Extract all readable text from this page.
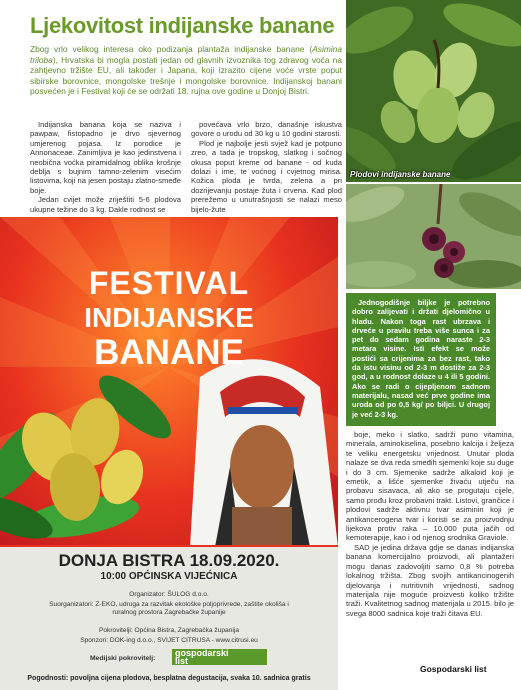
Ljekovitost indijanske banane

Zbog vrlo velikog interesa oko podizanja plantaža indijanske banane (Asimina triloba), Hrvatska bi mogla postati jedan od glavnih izvoznika tog zdravog voća na zahtjevno tržište EU, ali također i Japana, koji izrazito cijene voće vrste poput sibirske borovnice, mongolske trešnje i mongolske borovnice. Indijanskoj banani posvećen je i Festival koji će se održati 18. rujna ove godine u Donjoj Bistri.

Indijanska banana koja se naziva i pawpaw, fistopadno je drvo sjevernog umjerenog pojasa. Iz porodice je Annonaceae. Zanimljiva je kao jedinstvena i neobična voćka piramidalnog oblika krošnje deblja s bujnim tamno-zelenim visećim listovima, koji na jesen postaju zlatno-smeđe boje.

Jedan cvijet može zriještiti 5-6 plodova ukupne težine do 3 kg. Dakle rodnost se

povećava vrlo brzo, današnje iskustva govore o urodu od 30 kg u 10 godini starosti.

Plod je najbolje jesti svjež kad je potpuno zreo, a tada je tropskog, slatkog i sočnog okusa poput kreme od banane - od kuda dolazi i ime, te voćnog i cvjetnog mirisa. Kožica ploda je tvrda, zelena a pri dozrijevanju postaje žuta i crvena. Kad plod prerežemo u unutrašnjosti se nalazi meso bijelo-žute

Plodovi indijanske banane

Jednogodišnje biljke je potrebno dobro zalijevati i držati djelomično u hladu. Nakon toga rast ubrzava i drveće u pravilu treba više sunca i za pet do sedam godina naraste 2-3 metara visine. Isti efekt se može postići sa crijenima za bez rast, tako da istu visinu od 2-3 m dostiže za 2-3 god, a u rodnost dolaze u 4 ili 5 godini. Ako se radi o cijepljenom sadnom materijalu, nasad već prve godine ima uroda od po 0,5 kg/ po biljci. U drugoj je već 2-3 kg.

boje, meko i slatko, sadrži puno vitamina, minerala, aminokiselina, posebno kalcija i željeza te veliku energetsku vrijednost. Unutar ploda nalaze se dva reda smeđih sjemenki koje su duge i do 3 cm. Sjemenke sadrže alkaloid koji je emetik, a lišće sjemenke živaću utječu na probavu sisavaca, ali ako se progutaju cijele, samo prođu kroz probavni trakt. Listovi, grančice i plodovi sadrže aktivnu tvar asiminin koji je antikancerogena tvar i koristi se za proizvodnju lijekova protiv raka – 10.000 puta jačih od kemoterapije, kao i od njenog srodnika Graviole.

SAD je jedina država gdje se danas indijanska banana komercijalno proizvodi, ali plantažeri mogu danas zadovoljiti samo 0,8 % potreba lokalnog tržišta. Zbog svojih antikancinogenih djelovanja i nutritivnih vrijednosti, sadnog materijala nije moguće proizvesti koliko tržište traži. Kvalitetnog sadnog materijala u 2015. bilo je svega 8000 sadnica koje traži čitava EU.

Gospodarski list
FESTIVAL
INDIJANSKE
BANANE
DONJA BISTRA 18.09.2020.
10:00 OPĆINSKA VIJEĆNICA
Organizator: ŠULOG d.o.o.
Suorganizatori: Z-EKO, udruga za razvitak ekološke poljoprivrede, zaštite okoliša i ruralnog prostora Zagrebačke županije
Pokrovitelji: Općina Bistra, Zagrebačka županija
Sponzori: DOK-ing d.o.o., SVIJET CITRUSA - www.citrusi.eu
Medijski pokrovitelj:
gospodarski
list
Pogodnosti: povoljna cijena plodova, besplatna degustacija, svaka 10. sadnica gratis
